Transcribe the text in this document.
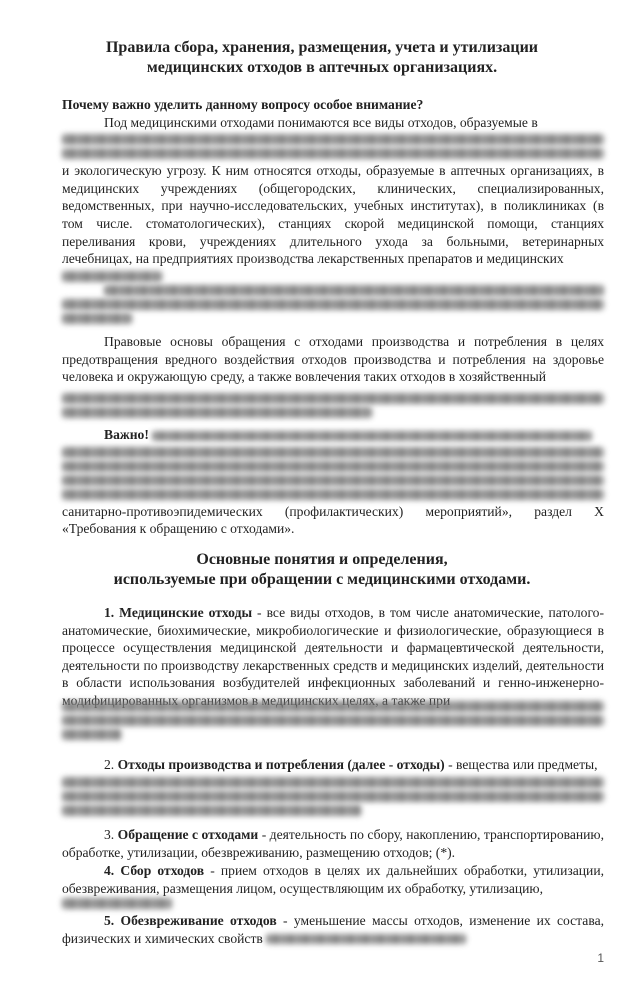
Правила сбора, хранения, размещения, учета и утилизации
медицинских отходов в аптечных организациях.
Почему важно уделить данному вопросу особое внимание?
Под медицинскими отходами понимаются все виды отходов, образуемые в
и экологическую угрозу. К ним относятся отходы, образуемые в аптечных организациях, в медицинских учреждениях (общегородских, клинических, специализированных, ведомственных, при научно-исследовательских, учебных институтах), в поликлиниках (в том числе. стоматологических), станциях скорой медицинской помощи, станциях переливания крови, учреждениях длительного ухода за больными, ветеринарных лечебницах, на предприятиях производства лекарственных препаратов и медицинских
Правовые основы обращения с отходами производства и потребления в целях предотвращения вредного воздействия отходов производства и потребления на здоровье человека и окружающую среду, а также вовлечения таких отходов в хозяйственный
Важно!
санитарно-противоэпидемических (профилактических) мероприятий», раздел X «Требования к обращению с отходами».
Основные понятия и определения,
используемые при обращении с медицинскими отходами.
1. Медицинские отходы - все виды отходов, в том числе анатомические, патолого-анатомические, биохимические, микробиологические и физиологические, образующиеся в процессе осуществления медицинской деятельности и фармацевтической деятельности, деятельности по производству лекарственных средств и медицинских изделий, деятельности в области использования возбудителей инфекционных заболеваний и генно-инженерно-
2. Отходы производства и потребления (далее - отходы) - вещества или предметы,
3. Обращение с отходами - деятельность по сбору, накоплению, транспортированию, обработке, утилизации, обезвреживанию, размещению отходов; (*).
4. Сбор отходов - прием отходов в целях их дальнейших обработки, утилизации, обезвреживания, размещения лицом, осуществляющим их обработку, утилизацию,
5. Обезвреживание отходов - уменьшение массы отходов, изменение их состава, физических и химических свойств
1
